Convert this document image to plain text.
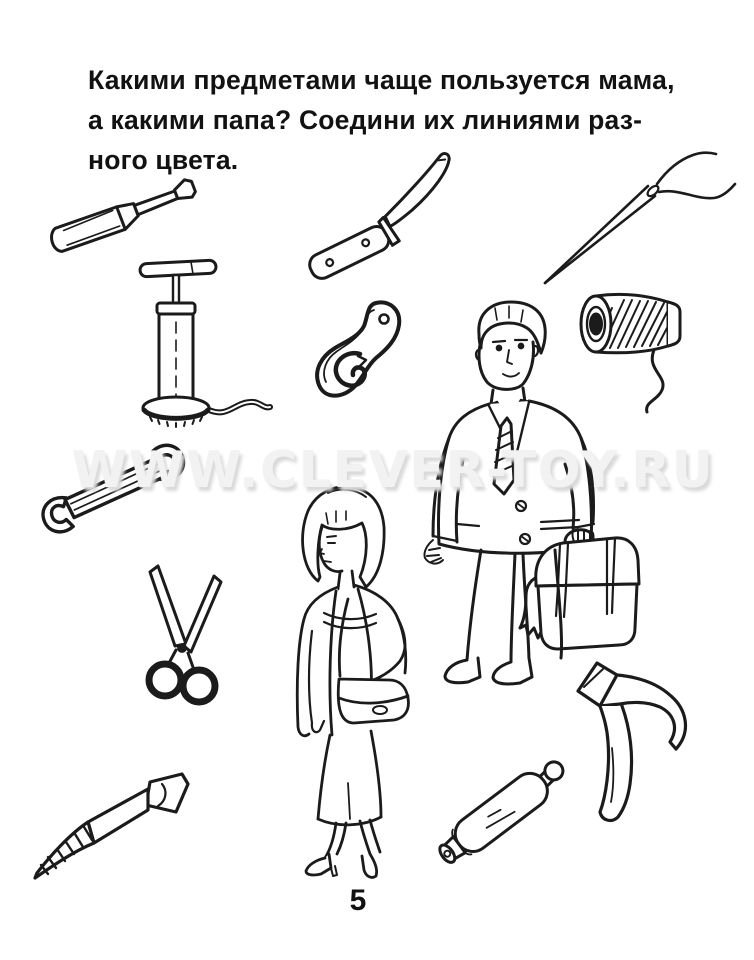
Какими предметами чаще пользуется мама,
а какими папа? Соедини их линиями раз-
ного цвета.
WWW.CLEVER-TOY.RU
5
